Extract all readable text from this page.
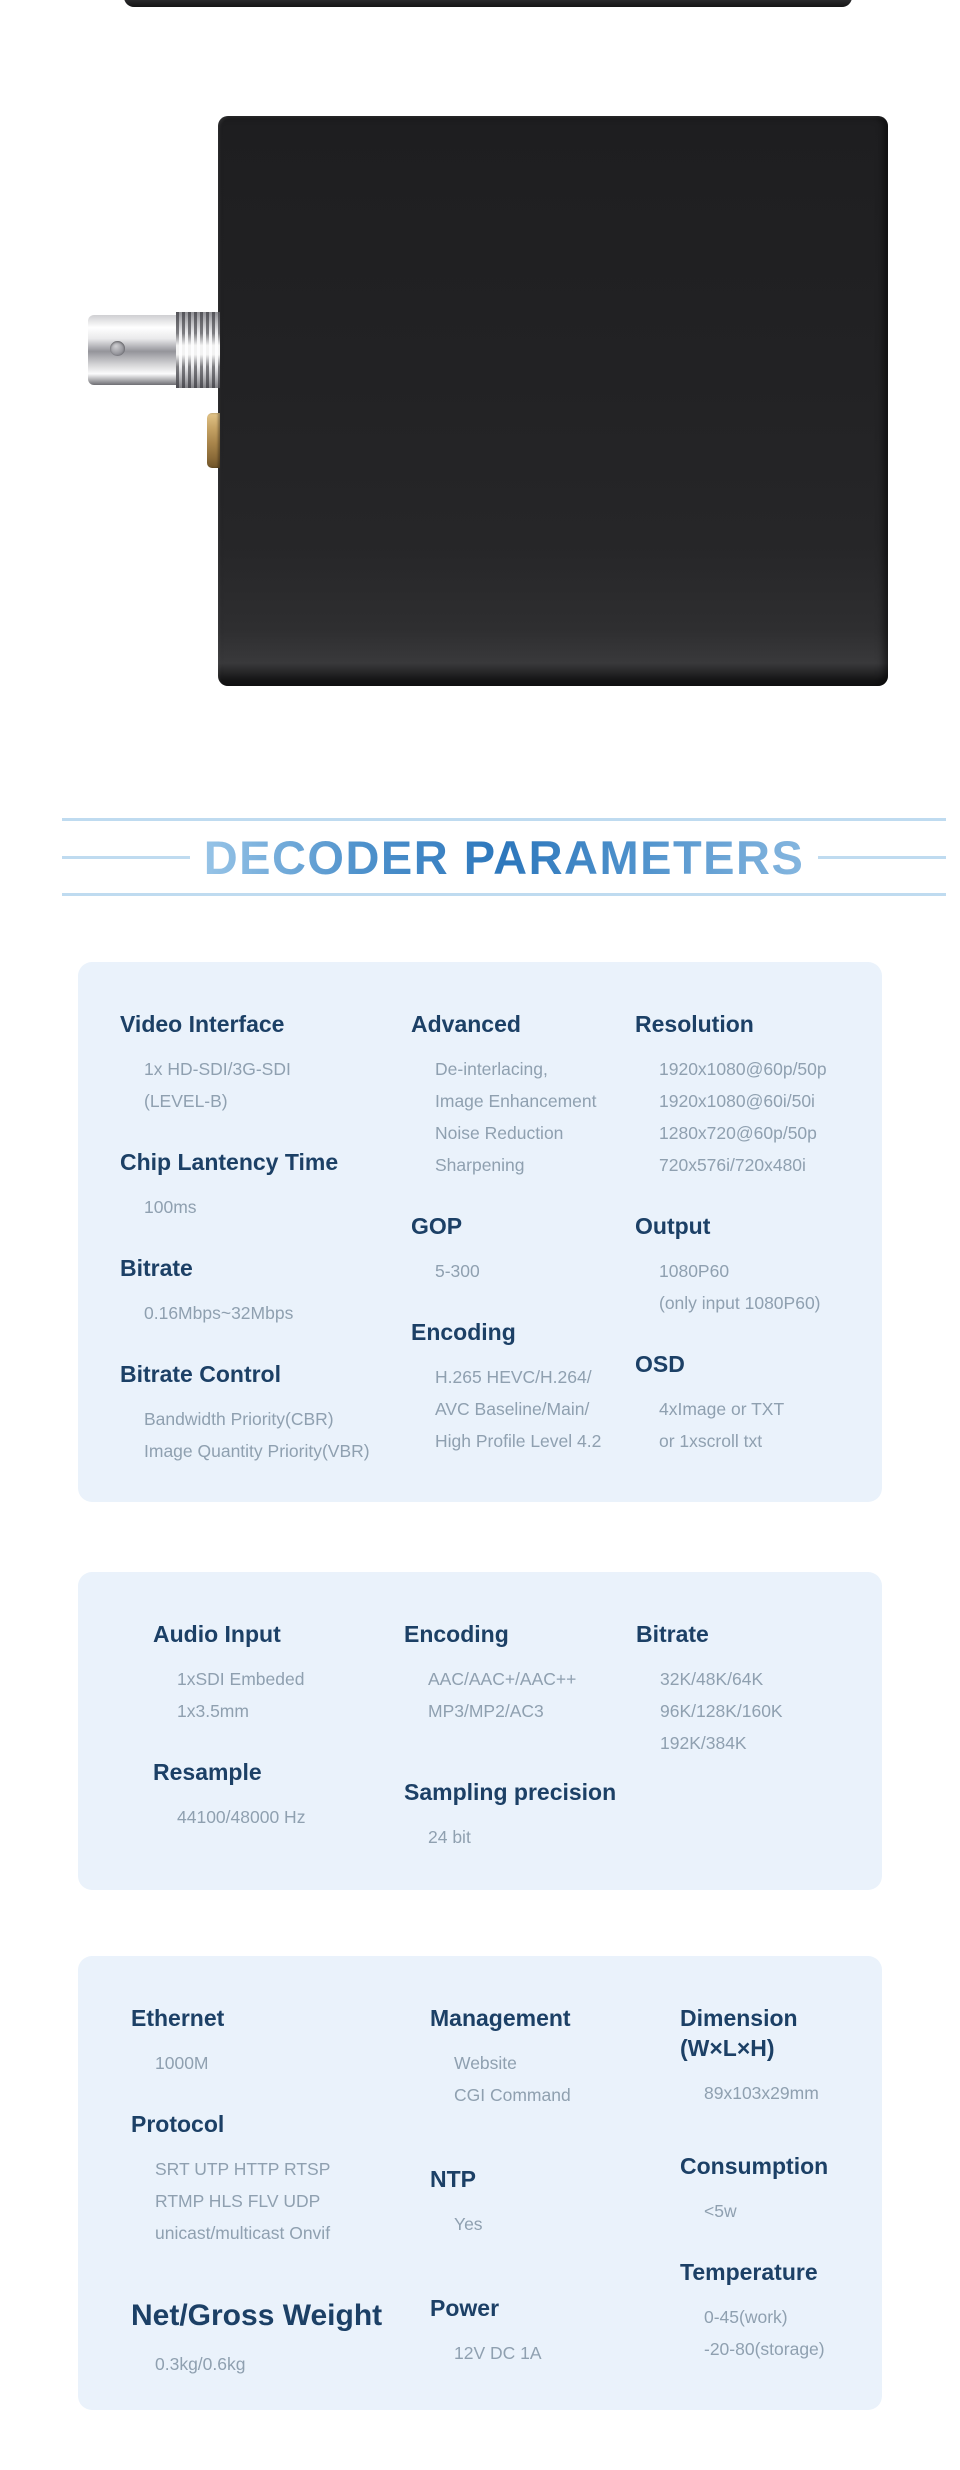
DECODER PARAMETERS
Video Interface
1x HD-SDI/3G-SDI
(LEVEL-B)
Chip Lantency Time
100ms
Bitrate
0.16Mbps~32Mbps
Bitrate Control
Bandwidth Priority(CBR)
Image Quantity Priority(VBR)
Advanced
De-interlacing,
Image Enhancement
Noise Reduction
Sharpening
GOP
5-300
Encoding
H.265 HEVC/H.264/
AVC Baseline/Main/
High Profile Level 4.2
Resolution
1920x1080@60p/50p
1920x1080@60i/50i
1280x720@60p/50p
720x576i/720x480i
Output
1080P60
(only input 1080P60)
OSD
4xImage or TXT
or 1xscroll txt
Audio Input
1xSDI Embeded
1x3.5mm
Resample
44100/48000 Hz
Encoding
AAC/AAC+/AAC++
MP3/MP2/AC3
Sampling precision
24 bit
Bitrate
32K/48K/64K
96K/128K/160K
192K/384K
Ethernet
1000M
Protocol
SRT UTP HTTP RTSP
RTMP HLS FLV UDP
unicast/multicast Onvif
Net/Gross Weight
0.3kg/0.6kg
Management
Website
CGI Command
NTP
Yes
Power
12V DC 1A
Dimension
(W×L×H)
89x103x29mm
Consumption
<5w
Temperature
0-45(work)
-20-80(storage)
